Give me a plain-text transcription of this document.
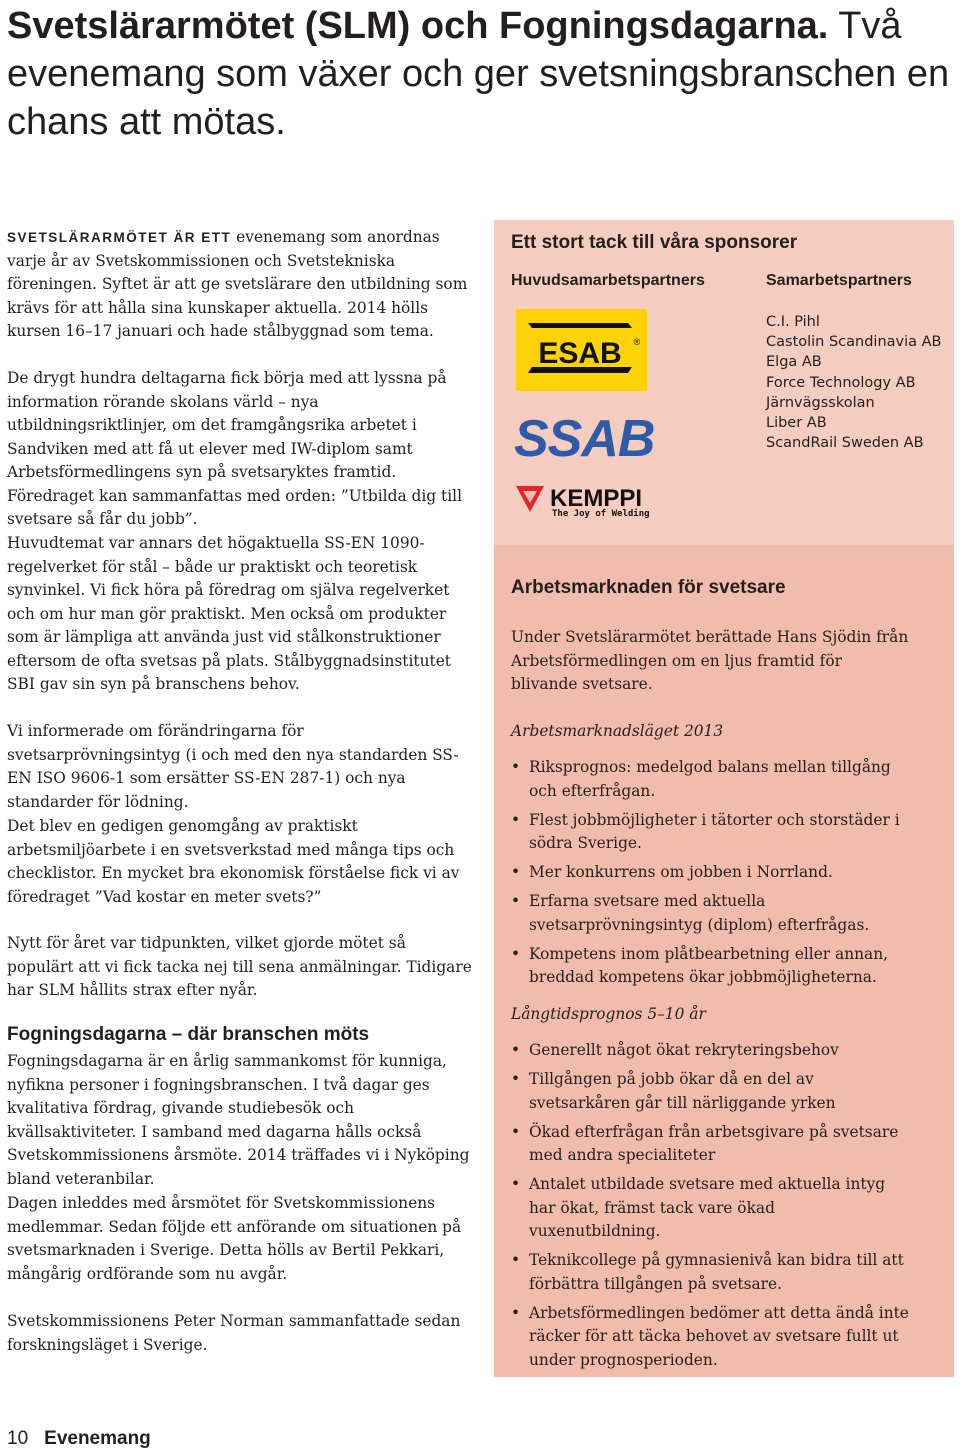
Svetslärarmötet (SLM) och Fogningsdagarna. Två evenemang som växer och ger svetsningsbranschen en chans att mötas.

SVETSLÄRARMÖTET ÄR ETT evenemang som anordnas varje år av Svetskommissionen och Svetstekniska föreningen. Syftet är att ge svetslärare den utbildning som krävs för att hålla sina kunskaper aktuella. 2014 hölls kursen 16–17 januari och hade stålbyggnad som tema.

De drygt hundra deltagarna fick börja med att lyssna på information rörande skolans värld – nya utbildningsriktlinjer, om det framgångsrika arbetet i Sandviken med att få ut elever med IW-diplom samt Arbetsförmedlingens syn på svetsaryktes framtid. Föredraget kan sammanfattas med orden: ”Utbilda dig till svetsare så får du jobb”.

Huvudtemat var annars det högaktuella SS-EN 1090-regelverket för stål – både ur praktiskt och teoretisk synvinkel. Vi fick höra på föredrag om själva regelverket och om hur man gör praktiskt. Men också om produkter som är lämpliga att använda just vid stålkonstruktioner eftersom de ofta svetsas på plats. Stålbyggnadsinstitutet SBI gav sin syn på branschens behov.

Vi informerade om förändringarna för svetsarprövningsintyg (i och med den nya standarden SS-EN ISO 9606-1 som ersätter SS-EN 287-1) och nya standarder för lödning.

Det blev en gedigen genomgång av praktiskt arbetsmiljöarbete i en svetsverkstad med många tips och checklistor. En mycket bra ekonomisk förståelse fick vi av föredraget ”Vad kostar en meter svets?”

Nytt för året var tidpunkten, vilket gjorde mötet så populärt att vi fick tacka nej till sena anmälningar. Tidigare har SLM hållits strax efter nyår.

Fogningsdagarna – där branschen möts

Fogningsdagarna är en årlig sammankomst för kunniga, nyfikna personer i fogningsbranschen. I två dagar ges kvalitativa fördrag, givande studiebesök och kvällsaktiviteter. I samband med dagarna hålls också Svetskommissionens årsmöte. 2014 träffades vi i Nyköping bland veteranbilar.

Dagen inleddes med årsmötet för Svetskommissionens medlemmar. Sedan följde ett anförande om situationen på svetsmarknaden i Sverige. Detta hölls av Bertil Pekkari, mångårig ordförande som nu avgår.

Svetskommissionens Peter Norman sammanfattade sedan forskningsläget i Sverige.

Ett stort tack till våra sponsorer
Huvudsamarbetspartners	Samarbetspartners
ESAB ®
SSAB
KEMPPI
The Joy of Welding
C.I. Pihl
Castolin Scandinavia AB
Elga AB
Force Technology AB
Järnvägsskolan
Liber AB
ScandRail Sweden AB
Arbetsmarknaden för svetsare

Under Svetslärarmötet berättade Hans Sjödin från Arbetsförmedlingen om en ljus framtid för blivande svetsare.

Arbetsmarknadsläget 2013

• Riksprognos: medelgod balans mellan tillgång och efterfrågan.
• Flest jobbmöjligheter i tätorter och storstäder i södra Sverige.
• Mer konkurrens om jobben i Norrland.
• Erfarna svetsare med aktuella svetsarprövningsintyg (diplom) efterfrågas.
• Kompetens inom plåtbearbetning eller annan, breddad kompetens ökar jobbmöjligheterna.

Långtidsprognos 5–10 år

• Generellt något ökat rekryteringsbehov
• Tillgången på jobb ökar då en del av svetsarkåren går till närliggande yrken
• Ökad efterfrågan från arbetsgivare på svetsare med andra specialiteter
• Antalet utbildade svetsare med aktuella intyg har ökat, främst tack vare ökad vuxenutbildning.
• Teknikcollege på gymnasienivå kan bidra till att förbättra tillgången på svetsare.
• Arbetsförmedlingen bedömer att detta ändå inte räcker för att täcka behovet av svetsare fullt ut under prognosperioden.
10 Evenemang
